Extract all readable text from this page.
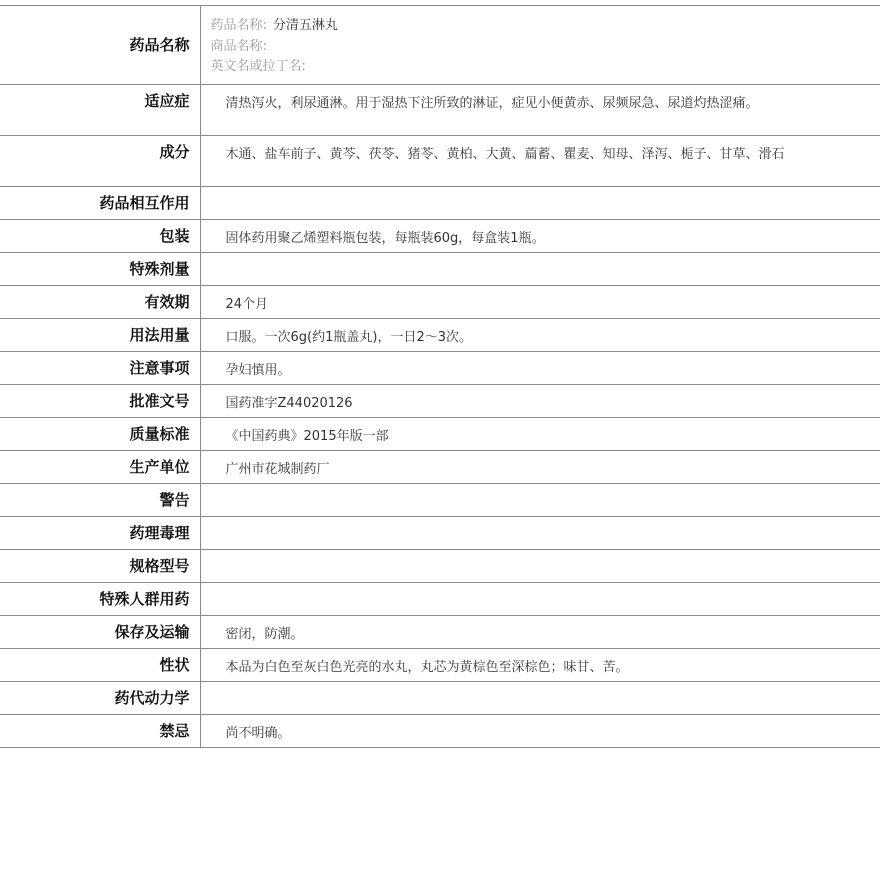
药品名称	药品名称: 分清五淋丸
商品名称:
英文名或拉丁名:

适应症	清热泻火，利尿通淋。用于湿热下注所致的淋证，症见小便黄赤、尿频尿急、尿道灼热涩痛。
成分	木通、盐车前子、黄芩、茯苓、猪苓、黄柏、大黄、萹蓄、瞿麦、知母、泽泻、栀子、甘草、滑石
药品相互作用	
包装	固体药用聚乙烯塑料瓶包装，每瓶装60g，每盒装1瓶。
特殊剂量	
有效期	24个月
用法用量	口服。一次6g(约1瓶盖丸)，一日2～3次。
注意事项	孕妇慎用。
批准文号	国药准字Z44020126
质量标准	《中国药典》2015年版一部
生产单位	广州市花城制药厂
警告	
药理毒理	
规格型号	
特殊人群用药	
保存及运输	密闭，防潮。
性状	本品为白色至灰白色光亮的水丸，丸芯为黄棕色至深棕色；味甘、苦。
药代动力学	
禁忌	尚不明确。
